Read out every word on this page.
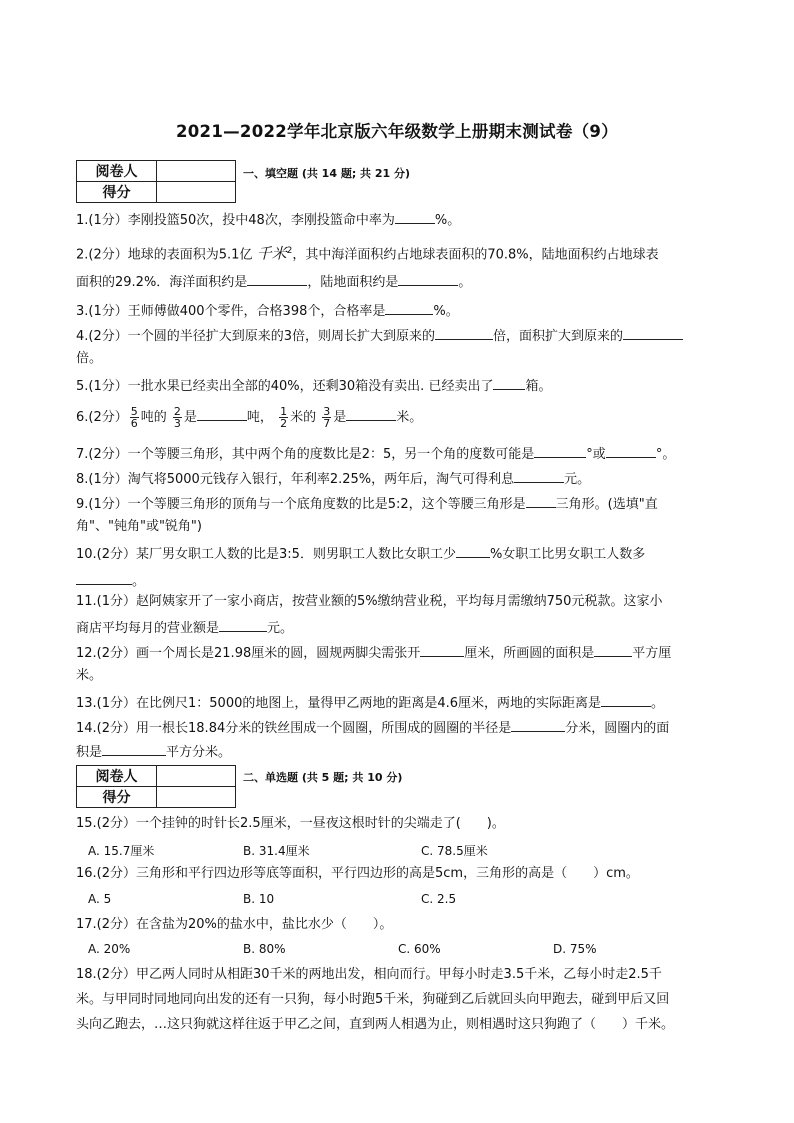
2021—2022学年北京版六年级数学上册期末测试卷（9）
阅卷人	
得分	
一、填空题 (共 14 题; 共 21 分)
1.(1分）李刚投篮50次，投中48次，李刚投篮命中率为	%。
2.(2分）地球的表面积为5.1亿 千米$^2$，其中海洋面积约占地球表面积的70.8%，陆地面积约占地球表
面积的29.2%．海洋面积约是	，陆地面积约是	。
3.(1分）王师傅做400个零件，合格398个，合格率是	%。
4.(2分）一个圆的半径扩大到原来的3倍，则周长扩大到原来的	倍，面积扩大到原来的
倍。
5.(1分）一批水果已经卖出全部的40%，还剩30箱没有卖出. 已经卖出了 箱。
6.(2分） $\frac{5}{6}$ 吨的 $\frac{2}{3}$ 是	吨， $\frac{1}{2}$ 米的 $\frac{3}{7}$ 是	米。
7.(2分）一个等腰三角形，其中两个角的度数比是2：5，另一个角的度数可能是	°或	°。
8.(1分）淘气将5000元钱存入银行，年利率2.25%，两年后，淘气可得利息	元。
9.(1分）一个等腰三角形的顶角与一个底角度数的比是5:2，这个等腰三角形是 三角形。(选填"直
角"、"钝角"或"锐角")
10.(2分）某厂男女职工人数的比是3:5．则男职工人数比女职工少	%女职工比男女职工人数多
。
11.(1分）赵阿姨家开了一家小商店，按营业额的5%缴纳营业税，平均每月需缴纳750元税款。这家小
商店平均每月的营业额是	元。
12.(2分）画一个周长是21.98厘米的圆，圆规两脚尖需张开	厘米，所画圆的面积是	平方厘
米。
13.(1分）在比例尺1：5000的地图上，量得甲乙两地的距离是4.6厘米，两地的实际距离是	。
14.(2分）用一根长18.84分米的铁丝围成一个圆圈，所围成的圆圈的半径是	分米，圆圈内的面
积是	平方分米。
阅卷人	
得分	
二、单选题 (共 5 题; 共 10 分)
15.(2分）一个挂钟的时针长2.5厘米，一昼夜这根时针的尖端走了(　　)。
A. 15.7厘米	B. 31.4厘米	C. 78.5厘米
16.(2分）三角形和平行四边形等底等面积，平行四边形的高是5cm，三角形的高是（　　）cm。
A. 5	B. 10	C. 2.5
17.(2分）在含盐为20%的盐水中，盐比水少（　　）。
A. 20%	B. 80%	C. 60%	D. 75%
18.(2分）甲乙两人同时从相距30千米的两地出发，相向而行。甲每小时走3.5千米，乙每小时走2.5千
米。与甲同时同地同向出发的还有一只狗，每小时跑5千米，狗碰到乙后就回头向甲跑去，碰到甲后又回
头向乙跑去，…这只狗就这样往返于甲乙之间，直到两人相遇为止，则相遇时这只狗跑了（　　）千米。
